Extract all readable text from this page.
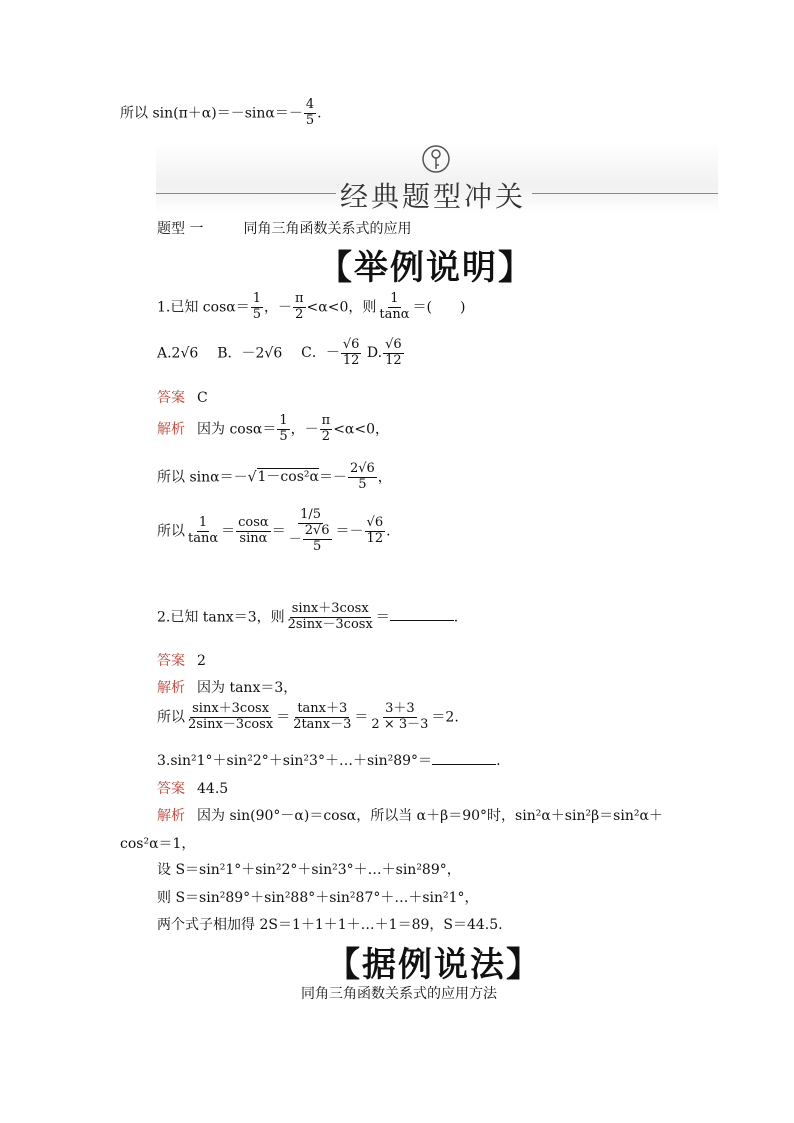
所以 $\sin(\pi+\alpha)=-\sin\alpha=- \frac{4}{5}$ .
经典题型冲关
题型 一	同角三角函数关系式的应用
【举例说明】
1.已知 $\cos\alpha= \frac{1}{5}$ ，－ $\frac{\pi}{2} <\alpha<0$，则 $\frac{1}{\tan\alpha}$ ＝(　　)
A.2√6 B．－2√6 C．－ $\frac{√6}{12} D$. $\frac{√6}{12}$
答案 C
解析 因为 $\cos\alpha= \frac{1}{5}$ ，－ $\frac{\pi}{2} <\alpha<0$，
所以 $\sin\alpha=-√1-\cos^2\alpha=- \frac{2√6}{5}$ ，
所以 $\frac{1}{\tan\alpha} = \frac{\cos\alpha}{\sin\alpha} = \frac{1/5}{- \frac{2√6}{5}} =- \frac{√6}{12}$ .
2.已知 tanx＝3，则 $\frac{\sin x+3\cos x}{2\sin x-3\cos x}$ ＝	.
答案 2
解析 因为 tanx＝3，
所以 $\frac{\sin x+3\cos x}{2\sin x-3\cos x} = \frac{\tan x+3}{2\tan x-3} = \frac{3+3}{2 \times 3-3} =2$.
3.sin²1°＋sin²2°＋sin²3°＋…＋sin²89°＝	.
答案 44.5
解析 因为 sin(90°－α)＝cosα，所以当 α＋β＝90°时，sin²α＋sin²β＝sin²α＋
cos²α＝1，
设 S＝sin²1°＋sin²2°＋sin²3°＋…＋sin²89°，
则 S＝sin²89°＋sin²88°＋sin²87°＋…＋sin²1°，
两个式子相加得 2S＝1＋1＋1＋…＋1＝89，S＝44.5.
【据例说法】
同角三角函数关系式的应用方法
